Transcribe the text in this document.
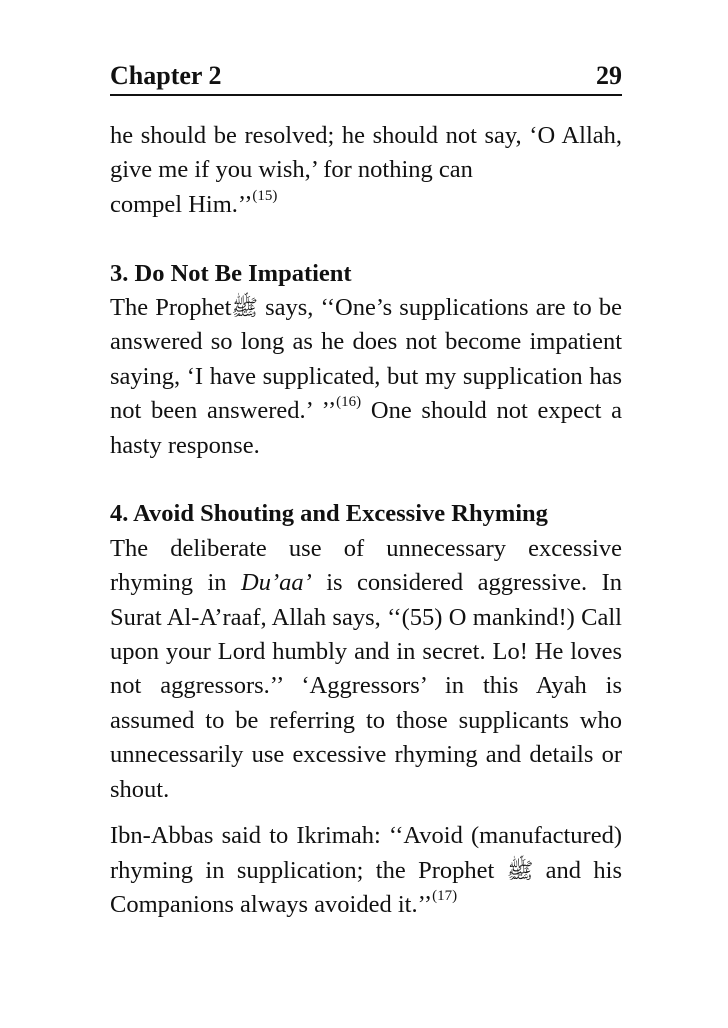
Chapter 2	29

he should be resolved; he should not say, ‘O Allah, give me if you wish,’ for nothing can
compel Him.’’$^{(15)}$

3. Do Not Be Impatient

The Prophetﷺ says, ‘‘One’s supplications are to be answered so long as he does not become impatient saying, ‘I have supplicated, but my supplication has not been answered.’ ’’$^{(16)}$ One should not expect a hasty response.

4. Avoid Shouting and Excessive Rhyming

The deliberate use of unnecessary excessive rhyming in Du’aa’ is considered aggressive. In Surat Al-A’raaf, Allah says, ‘‘(55) O mankind!) Call upon your Lord humbly and in secret. Lo! He loves not aggressors.’’ ‘Aggressors’ in this Ayah is assumed to be referring to those supplicants who unnecessarily use excessive rhyming and details or shout.

Ibn-Abbas said to Ikrimah: ‘‘Avoid (manufactured) rhyming in supplication; the Prophet ﷺ and his Companions always avoided it.’’$^{(17)}$
